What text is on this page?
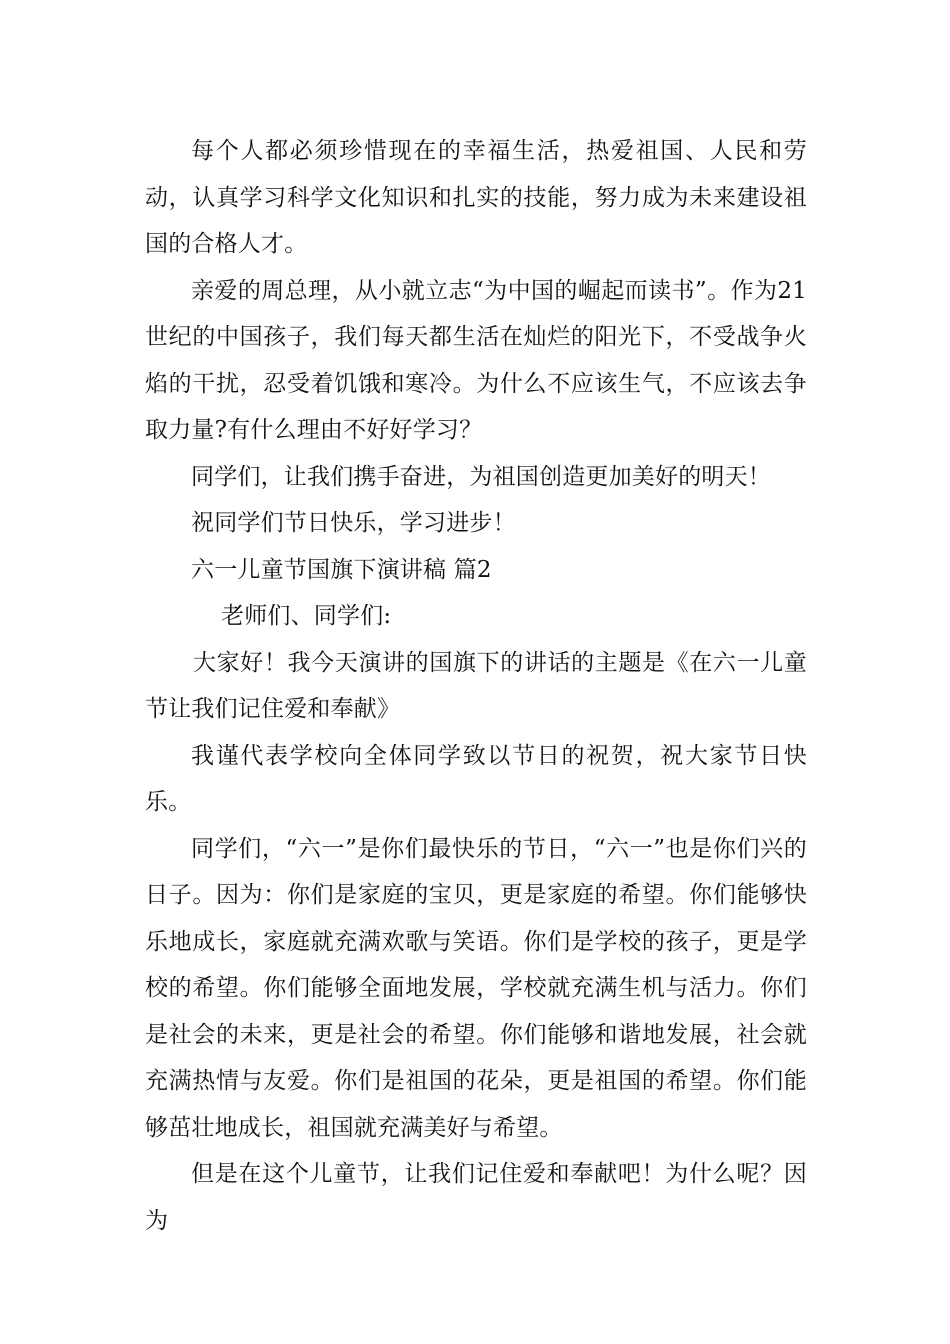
每个人都必须珍惜现在的幸福生活，热爱祖国、人民和劳动，认真学习科学文化知识和扎实的技能，努力成为未来建设祖国的合格人才。

亲爱的周总理，从小就立志“为中国的崛起而读书”。作为21世纪的中国孩子，我们每天都生活在灿烂的阳光下，不受战争火焰的干扰，忍受着饥饿和寒冷。为什么不应该生气，不应该去争取力量?有什么理由不好好学习？

同学们，让我们携手奋进，为祖国创造更加美好的明天！

祝同学们节日快乐，学习进步！

六一儿童节国旗下演讲稿 篇2

老师们、同学们:

大家好！我今天演讲的国旗下的讲话的主题是《在六一儿童节让我们记住爱和奉献》

我谨代表学校向全体同学致以节日的祝贺，祝大家节日快乐。

同学们，“六一”是你们最快乐的节日，“六一”也是你们兴的日子。因为：你们是家庭的宝贝，更是家庭的希望。你们能够快乐地成长，家庭就充满欢歌与笑语。你们是学校的孩子，更是学校的希望。你们能够全面地发展，学校就充满生机与活力。你们是社会的未来，更是社会的希望。你们能够和谐地发展，社会就充满热情与友爱。你们是祖国的花朵，更是祖国的希望。你们能够茁壮地成长，祖国就充满美好与希望。

但是在这个儿童节，让我们记住爱和奉献吧！为什么呢？因为
